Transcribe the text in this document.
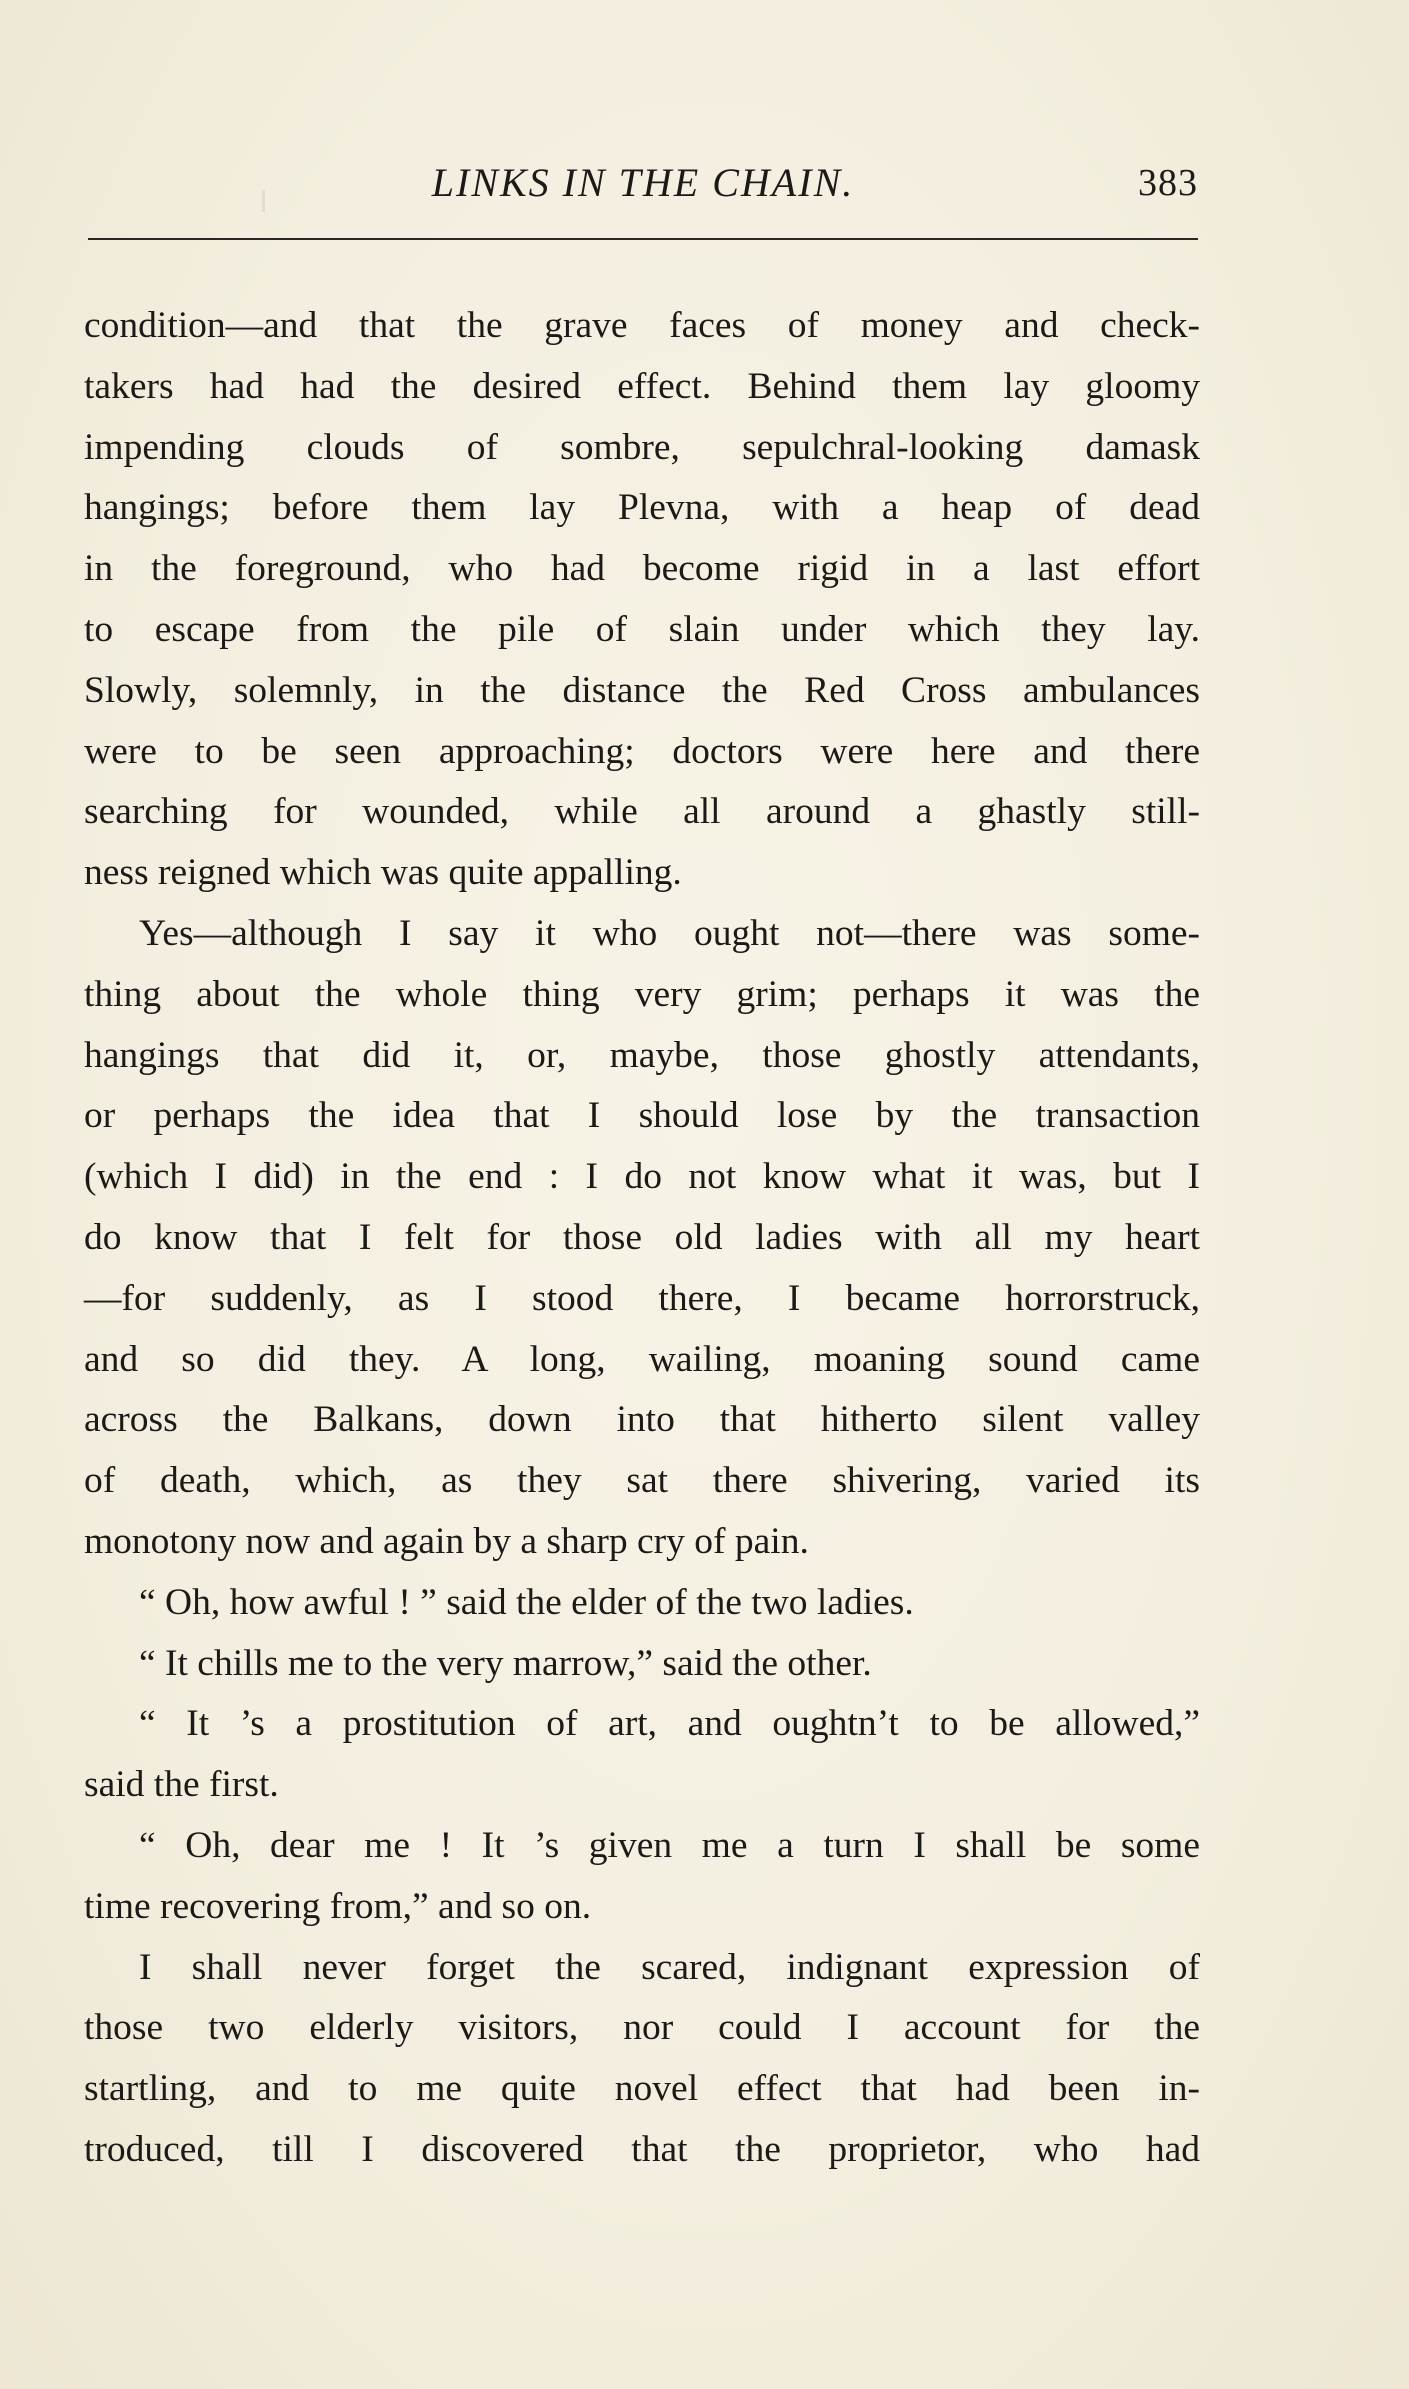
LINKS IN THE CHAIN.	383
condition—and that the grave faces of money and check-
takers had had the desired effect. Behind them lay gloomy
impending clouds of sombre, sepulchral-looking damask
hangings; before them lay Plevna, with a heap of dead
in the foreground, who had become rigid in a last effort
to escape from the pile of slain under which they lay.
Slowly, solemnly, in the distance the Red Cross ambulances
were to be seen approaching; doctors were here and there
searching for wounded, while all around a ghastly still-
ness reigned which was quite appalling.
Yes—although I say it who ought not—there was some-
thing about the whole thing very grim; perhaps it was the
hangings that did it, or, maybe, those ghostly attendants,
or perhaps the idea that I should lose by the transaction
(which I did) in the end : I do not know what it was, but I
do know that I felt for those old ladies with all my heart
—for suddenly, as I stood there, I became horrorstruck,
and so did they. A long, wailing, moaning sound came
across the Balkans, down into that hitherto silent valley
of death, which, as they sat there shivering, varied its
monotony now and again by a sharp cry of pain.
“ Oh, how awful ! ” said the elder of the two ladies.
“ It chills me to the very marrow,” said the other.
“ It ’s a prostitution of art, and oughtn’t to be allowed,”
said the first.
“ Oh, dear me ! It ’s given me a turn I shall be some
time recovering from,” and so on.
I shall never forget the scared, indignant expression of
those two elderly visitors, nor could I account for the
startling, and to me quite novel effect that had been in-
troduced, till I discovered that the proprietor, who had
